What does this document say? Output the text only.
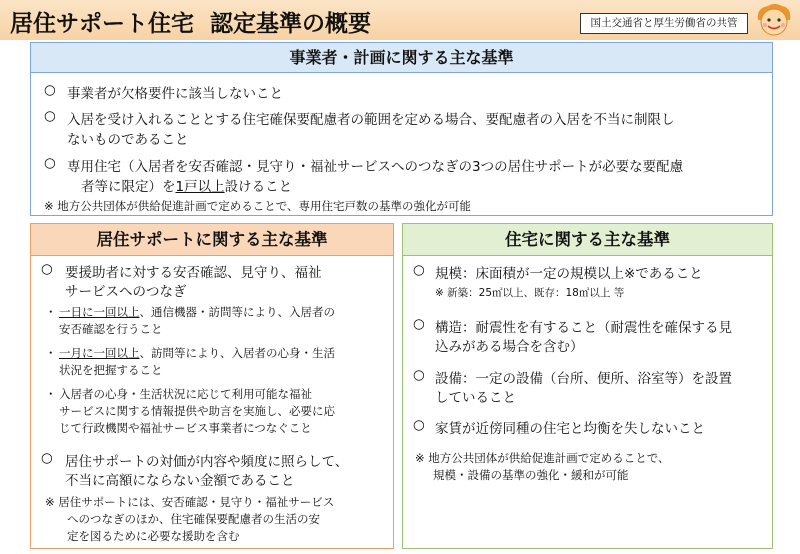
居住サポート住宅 認定基準の概要	国土交通省と厚生労働省の共管
事業者・計画に関する主な基準
○ 事業者が欠格要件に該当しないこと
○ 入居を受け入れることとする住宅確保要配慮者の範囲を定める場合、要配慮者の入居を不当に制限し
ないものであること
○ 専用住宅（入居者を安否確認・見守り・福祉サービスへのつなぎの3つの居住サポートが必要な要配慮
者等に限定）を1戸以上設けること
※ 地方公共団体が供給促進計画で定めることで、専用住宅戸数の基準の強化が可能
居住サポートに関する主な基準
○ 要援助者に対する安否確認、見守り、福祉
サービスへのつなぎ
・ 一日に一回以上、通信機器・訪問等により、入居者の
安否確認を行うこと
・ 一月に一回以上、訪問等により、入居者の心身・生活
状況を把握すること
・ 入居者の心身・生活状況に応じて利用可能な福祉
サービスに関する情報提供や助言を実施し、必要に応
じて行政機関や福祉サービス事業者につなぐこと
○ 居住サポートの対価が内容や頻度に照らして、
不当に高額にならない金額であること
※ 居住サポートには、安否確認・見守り・福祉サービス
へのつなぎのほか、住宅確保要配慮者の生活の安
定を図るために必要な援助を含む
住宅に関する主な基準
○ 規模：床面積が一定の規模以上※であること
※ 新築：25㎡以上、既存：18㎡以上 等
○ 構造：耐震性を有すること（耐震性を確保する見
込みがある場合を含む）
○ 設備：一定の設備（台所、便所、浴室等）を設置
していること
○ 家賃が近傍同種の住宅と均衡を失しないこと
※ 地方公共団体が供給促進計画で定めることで、
規模・設備の基準の強化・緩和が可能
